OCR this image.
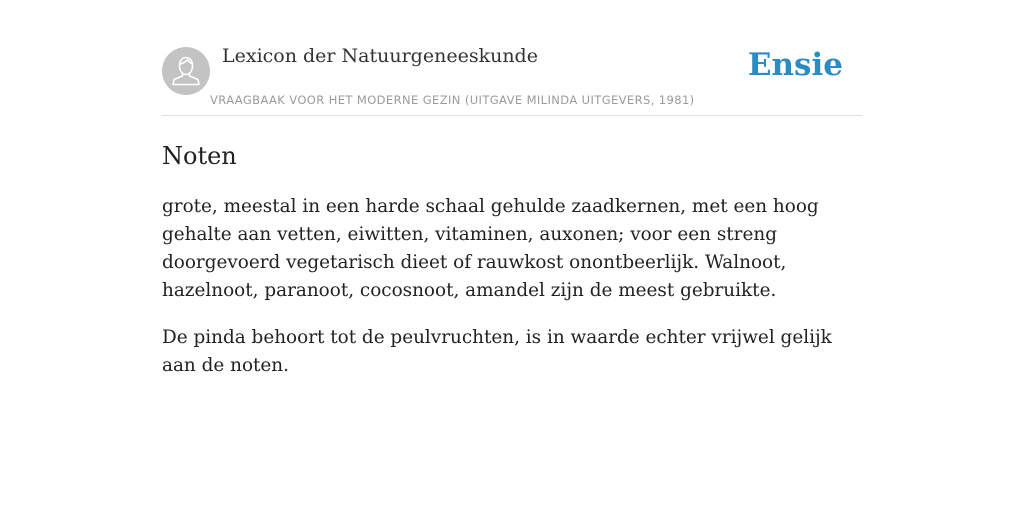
Lexicon der Natuurgeneeskunde
VRAAGBAAK VOOR HET MODERNE GEZIN (UITGAVE MILINDA UITGEVERS, 1981)
Ensie
Noten

grote, meestal in een harde schaal gehulde zaadkernen, met een hoog gehalte aan vetten, eiwitten, vitaminen, auxonen; voor een streng doorgevoerd vegetarisch dieet of rauwkost onontbeerlijk. Walnoot, hazelnoot, paranoot, cocosnoot, amandel zijn de meest gebruikte.

De pinda behoort tot de peulvruchten, is in waarde echter vrijwel gelijk aan de noten.
